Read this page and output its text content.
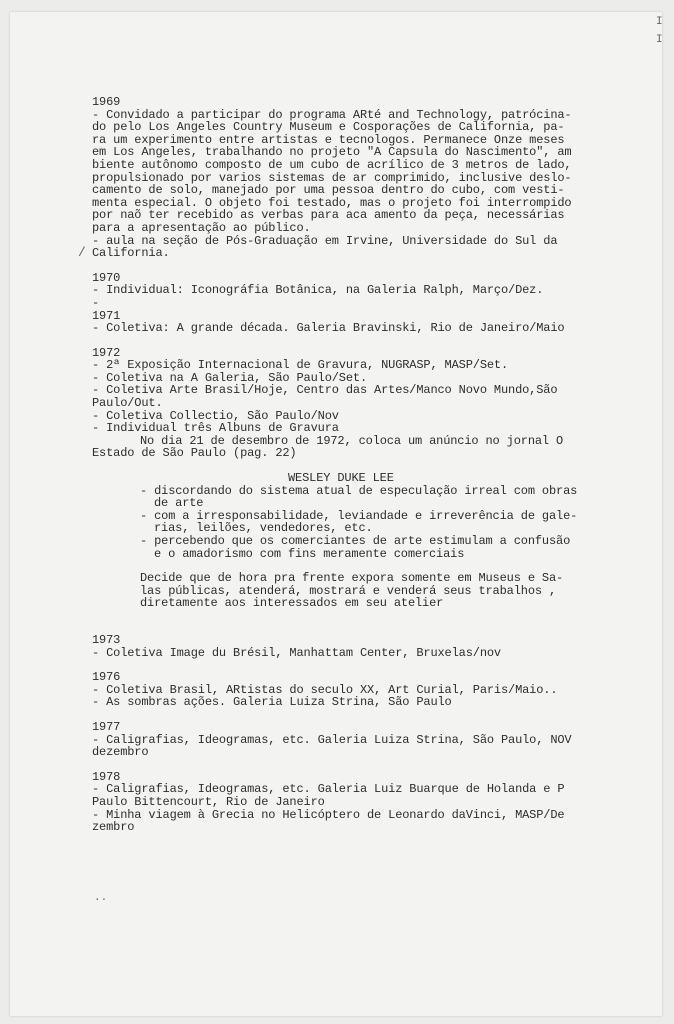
I
I
/
..
1969
- Convidado a participar do programa ARté and Technology, patrócina-
do pelo Los Angeles Country Museum e Cosporações de California, pa-
ra um experimento entre artistas e tecnologos. Permanece Onze meses
em Los Angeles, trabalhando no projeto "A Capsula do Nascimento", am
biente autônomo composto de um cubo de acrílico de 3 metros de lado,
propulsionado por varios sistemas de ar comprimido, inclusive deslo-
camento de solo, manejado por uma pessoa dentro do cubo, com vesti-
menta especial. O objeto foi testado, mas o projeto foi interrompido
por naõ ter recebido as verbas para aca amento da peça, necessárias
para a apresentação ao público.
- aula na seção de Pós-Graduação em Irvine, Universidade do Sul da
California.
1970
- Individual: Iconográfia Botânica, na Galeria Ralph, Março/Dez.
-
1971
- Coletiva: A grande década. Galeria Bravinski, Rio de Janeiro/Maio
1972
- 2ª Exposição Internacional de Gravura, NUGRASP, MASP/Set.
- Coletiva na A Galeria, São Paulo/Set.
- Coletiva Arte Brasil/Hoje, Centro das Artes/Manco Novo Mundo,São
Paulo/Out.
- Coletiva Collectio, São Paulo/Nov
- Individual três Albuns de Gravura
No dia 21 de desembro de 1972, coloca um anúncio no jornal O
Estado de São Paulo (pag. 22)
WESLEY DUKE LEE
- discordando do sistema atual de especulação irreal com obras
de arte
- com a irresponsabilidade, leviandade e irreverência de gale-
rias, leilões, vendedores, etc.
- percebendo que os comerciantes de arte estimulam a confusão
e o amadorismo com fins meramente comerciais
Decide que de hora pra frente expora somente em Museus e Sa-
las públicas, atenderá, mostrará e venderá seus trabalhos ,
diretamente aos interessados em seu atelier
1973
- Coletiva Image du Brésil, Manhattam Center, Bruxelas/nov
1976
- Coletiva Brasil, ARtistas do seculo XX, Art Curial, Paris/Maio..
- As sombras ações. Galeria Luiza Strina, São Paulo
1977
- Caligrafias, Ideogramas, etc. Galeria Luiza Strina, São Paulo, NOV
dezembro
1978
- Caligrafias, Ideogramas, etc. Galeria Luiz Buarque de Holanda e P
Paulo Bittencourt, Rio de Janeiro
- Minha viagem à Grecia no Helicóptero de Leonardo daVinci, MASP/De
zembro
